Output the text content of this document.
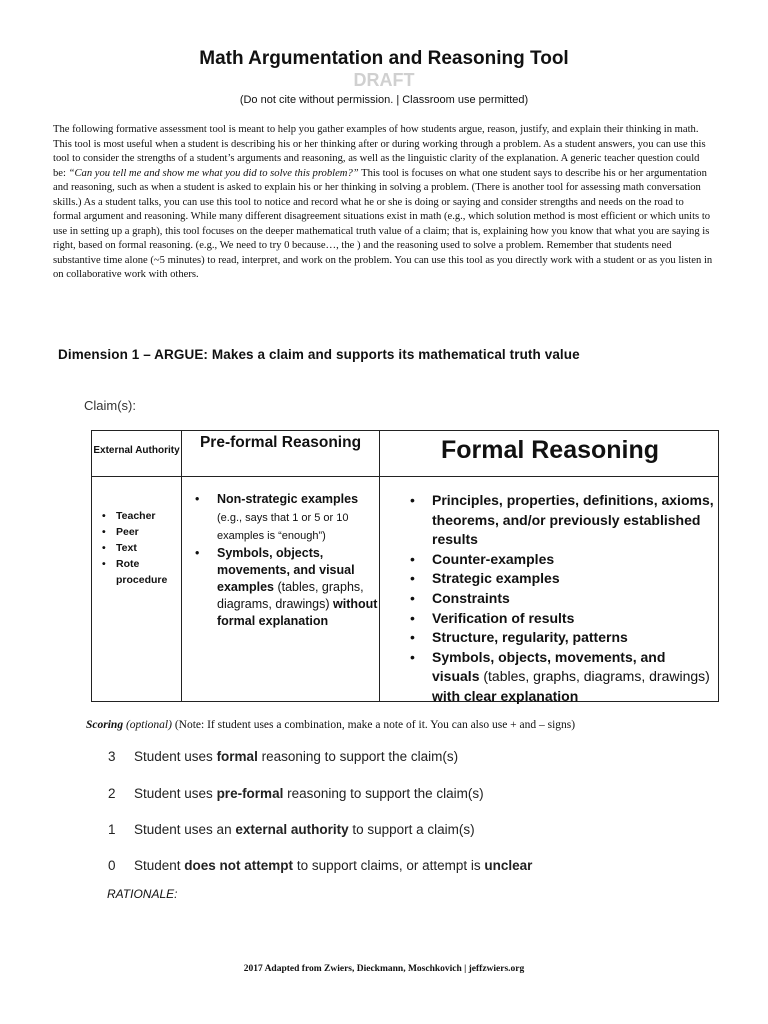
Math Argumentation and Reasoning Tool
DRAFT
(Do not cite without permission. | Classroom use permitted)
The following formative assessment tool is meant to help you gather examples of how students argue, reason, justify, and explain their thinking in math. This tool is most useful when a student is describing his or her thinking after or during working through a problem. As a student answers, you can use this tool to consider the strengths of a student’s arguments and reasoning, as well as the linguistic clarity of the explanation. A generic teacher question could be: “Can you tell me and show me what you did to solve this problem?” This tool is focuses on what one student says to describe his or her argumentation and reasoning, such as when a student is asked to explain his or her thinking in solving a problem. (There is another tool for assessing math conversation skills.) As a student talks, you can use this tool to notice and record what he or she is doing or saying and consider strengths and needs on the road to formal argument and reasoning. While many different disagreement situations exist in math (e.g., which solution method is most efficient or which units to use in setting up a graph), this tool focuses on the deeper mathematical truth value of a claim; that is, explaining how you know that what you are saying is right, based on formal reasoning. (e.g., We need to try 0 because…, the ) and the reasoning used to solve a problem. Remember that students need substantive time alone (~5 minutes) to read, interpret, and work on the problem. You can use this tool as you directly work with a student or as you listen in on collaborative work with others.
Dimension 1 – ARGUE: Makes a claim and supports its mathematical truth value
Claim(s):
External Authority	Pre-formal Reasoning	Formal Reasoning
• Teacher
• Peer
• Text
• Rote procedure
• Non-strategic examples (e.g., says that 1 or 5 or 10 examples is “enough”)
• Symbols, objects, movements, and visual examples (tables, graphs, diagrams, drawings) without formal explanation
• Principles, properties, definitions, axioms, theorems, and/or previously established results
• Counter-examples
• Strategic examples
• Constraints
• Verification of results
• Structure, regularity, patterns
• Symbols, objects, movements, and visuals (tables, graphs, diagrams, drawings) with clear explanation
Scoring (optional) (Note: If student uses a combination, make a note of it. You can also use + and – signs)
3 Student uses formal reasoning to support the claim(s)
2 Student uses pre-formal reasoning to support the claim(s)
1 Student uses an external authority to support a claim(s)
0 Student does not attempt to support claims, or attempt is unclear
RATIONALE:
2017 Adapted from Zwiers, Dieckmann, Moschkovich | jeffzwiers.org
